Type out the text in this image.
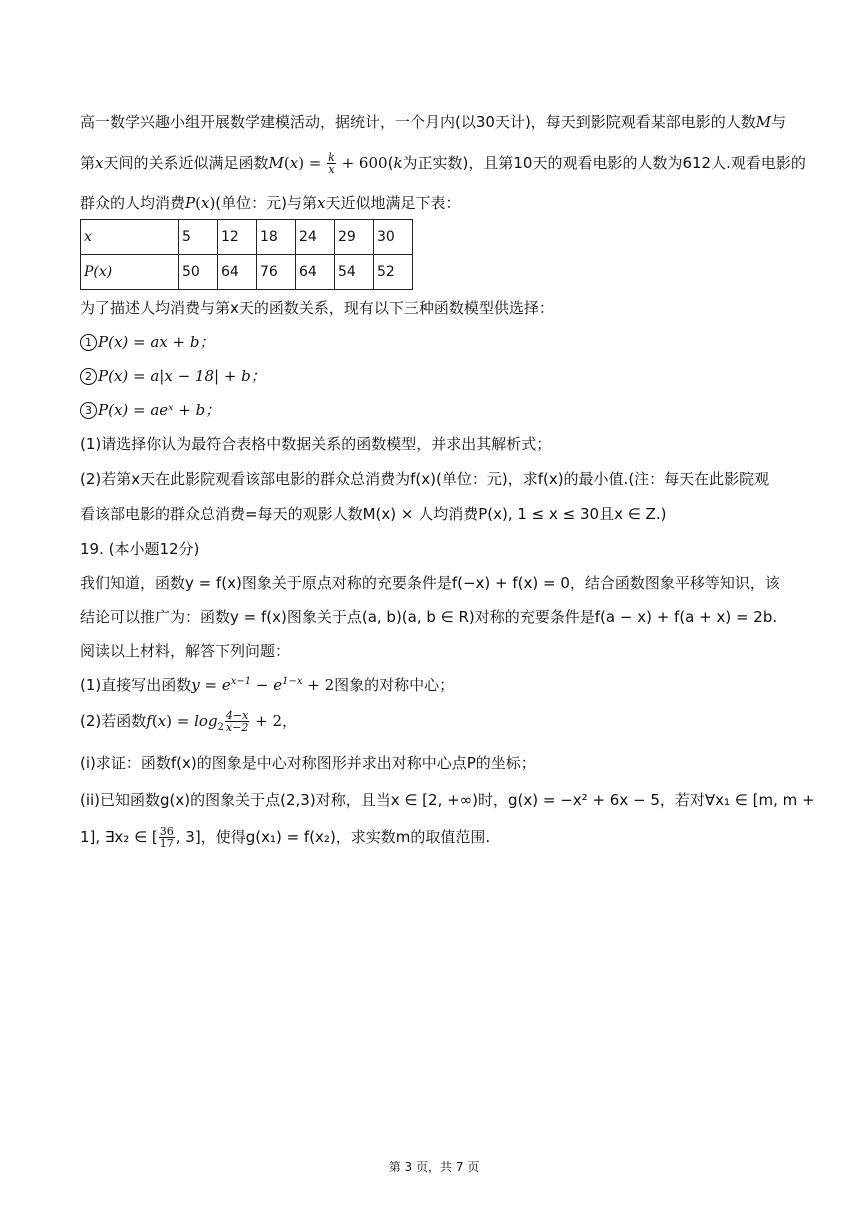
高一数学兴趣小组开展数学建模活动，据统计，一个月内(以30天计)，每天到影院观看某部电影的人数M与
第x天间的关系近似满足函数$M(x) = \frac{k}{x} + 600(k$为正实数)，且第10天的观看电影的人数为612人.观看电影的
群众的人均消费P(x)(单位：元)与第x天近似地满足下表：
x	5	12	18	24	29	30
P(x)	50	64	76	64	54	52
为了描述人均消费与第x天的函数关系，现有以下三种函数模型供选择：
1 P(x) = ax + b；
2 P(x) = a|x − 18| + b；
3 P(x) = aeˣ + b；
(1)请选择你认为最符合表格中数据关系的函数模型，并求出其解析式；
(2)若第x天在此影院观看该部电影的群众总消费为f(x)(单位：元)，求f(x)的最小值.(注：每天在此影院观
看该部电影的群众总消费=每天的观影人数M(x) × 人均消费P(x), 1 ≤ x ≤ 30且x ∈ Z.)
19. (本小题12分)
我们知道，函数y = f(x)图象关于原点对称的充要条件是f(−x) + f(x) = 0，结合函数图象平移等知识，该
结论可以推广为：函数y = f(x)图象关于点(a, b)(a, b ∈ R)对称的充要条件是f(a − x) + f(a + x) = 2b.
阅读以上材料，解答下列问题：
(1)直接写出函数$y = e^{x-1} - e^{1-x} + 2$图象的对称中心；
(2)若函数$f(x) = \log_2 \frac{4-x}{x-2} + 2$，
(i)求证：函数f(x)的图象是中心对称图形并求出对称中心点P的坐标；
(ii)已知函数g(x)的图象关于点(2,3)对称，且当x ∈ [2, +∞)时，g(x) = −x² + 6x − 5，若对∀x₁ ∈ [m, m +
1], ∃x₂ ∈ [ $\frac{36}{17}$ , 3]，使得g(x₁) = f(x₂)，求实数m的取值范围.
第 3 页，共 7 页
